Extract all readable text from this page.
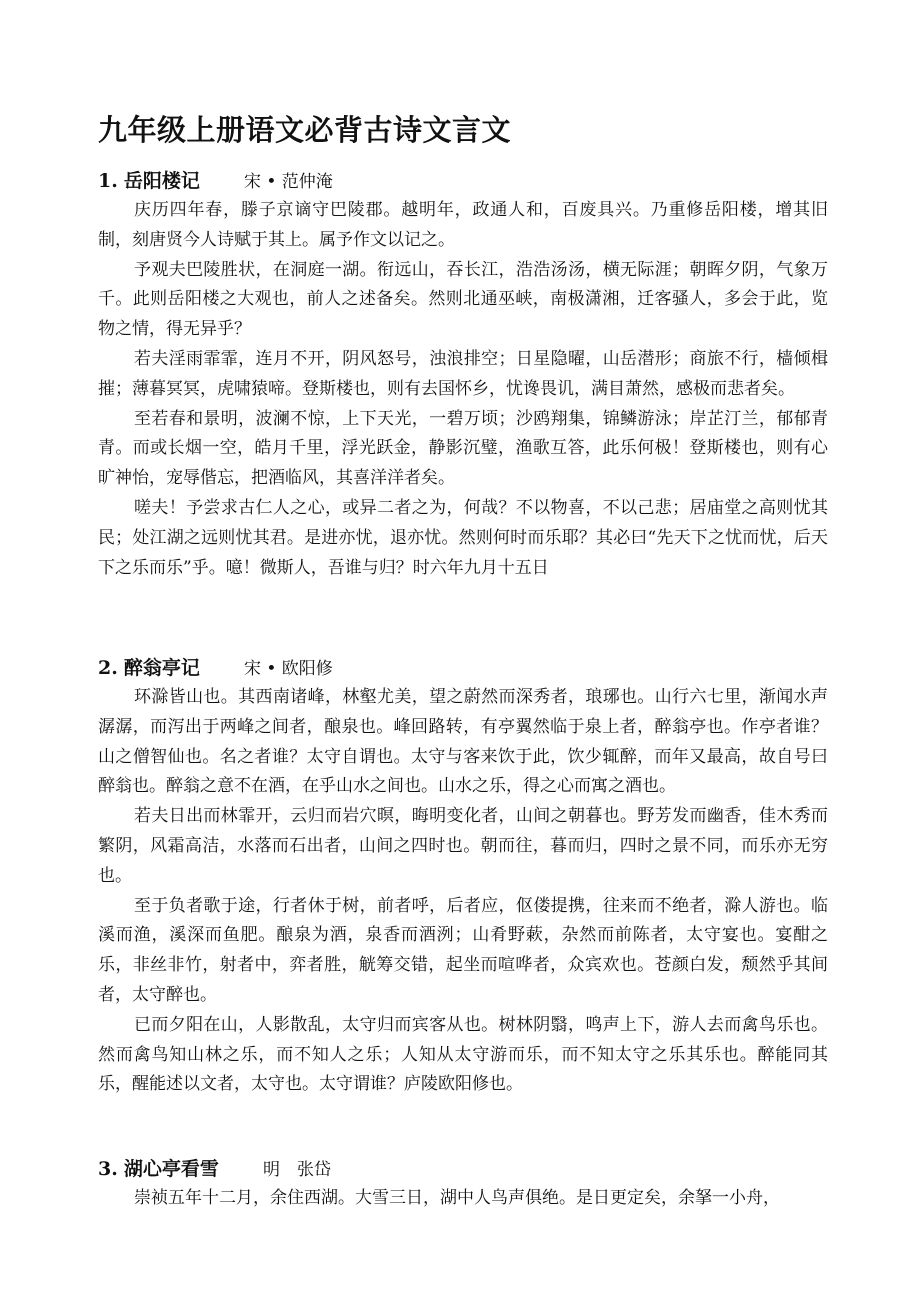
九年级上册语文必背古诗文言文
1. 岳阳楼记	宋 • 范仲淹

庆历四年春，滕子京谪守巴陵郡。越明年，政通人和，百废具兴。乃重修岳阳楼，增其旧制，刻唐贤今人诗赋于其上。属予作文以记之。

予观夫巴陵胜状，在洞庭一湖。衔远山，吞长江，浩浩汤汤，横无际涯；朝晖夕阴，气象万千。此则岳阳楼之大观也，前人之述备矣。然则北通巫峡，南极潇湘，迁客骚人，多会于此，览物之情，得无异乎？

若夫淫雨霏霏，连月不开，阴风怒号，浊浪排空；日星隐曜，山岳潜形；商旅不行，樯倾楫摧；薄暮冥冥，虎啸猿啼。登斯楼也，则有去国怀乡，忧谗畏讥，满目萧然，感极而悲者矣。

至若春和景明，波澜不惊，上下天光，一碧万顷；沙鸥翔集，锦鳞游泳；岸芷汀兰，郁郁青青。而或长烟一空，皓月千里，浮光跃金，静影沉璧，渔歌互答，此乐何极！登斯楼也，则有心旷神怡，宠辱偕忘，把酒临风，其喜洋洋者矣。

嗟夫！予尝求古仁人之心，或异二者之为，何哉？不以物喜，不以己悲；居庙堂之高则忧其民；处江湖之远则忧其君。是进亦忧，退亦忧。然则何时而乐耶？其必曰“先天下之忧而忧，后天下之乐而乐”乎。噫！微斯人，吾谁与归？时六年九月十五日

2. 醉翁亭记	宋 • 欧阳修

环滁皆山也。其西南诸峰，林壑尤美，望之蔚然而深秀者，琅琊也。山行六七里，渐闻水声潺潺，而泻出于两峰之间者，酿泉也。峰回路转，有亭翼然临于泉上者，醉翁亭也。作亭者谁？山之僧智仙也。名之者谁？太守自谓也。太守与客来饮于此，饮少辄醉，而年又最高，故自号曰醉翁也。醉翁之意不在酒，在乎山水之间也。山水之乐，得之心而寓之酒也。

若夫日出而林霏开，云归而岩穴暝，晦明变化者，山间之朝暮也。野芳发而幽香，佳木秀而繁阴，风霜高洁，水落而石出者，山间之四时也。朝而往，暮而归，四时之景不同，而乐亦无穷也。

至于负者歌于途，行者休于树，前者呼，后者应，伛偻提携，往来而不绝者，滁人游也。临溪而渔，溪深而鱼肥。酿泉为酒，泉香而酒洌；山肴野蔌，杂然而前陈者，太守宴也。宴酣之乐，非丝非竹，射者中，弈者胜，觥筹交错，起坐而喧哗者，众宾欢也。苍颜白发，颓然乎其间者，太守醉也。

已而夕阳在山，人影散乱，太守归而宾客从也。树林阴翳，鸣声上下，游人去而禽鸟乐也。然而禽鸟知山林之乐，而不知人之乐；人知从太守游而乐，而不知太守之乐其乐也。醉能同其乐，醒能述以文者，太守也。太守谓谁？庐陵欧阳修也。

3. 湖心亭看雪	明　张岱

崇祯五年十二月，余住西湖。大雪三日，湖中人鸟声俱绝。是日更定矣，余拏一小舟，
